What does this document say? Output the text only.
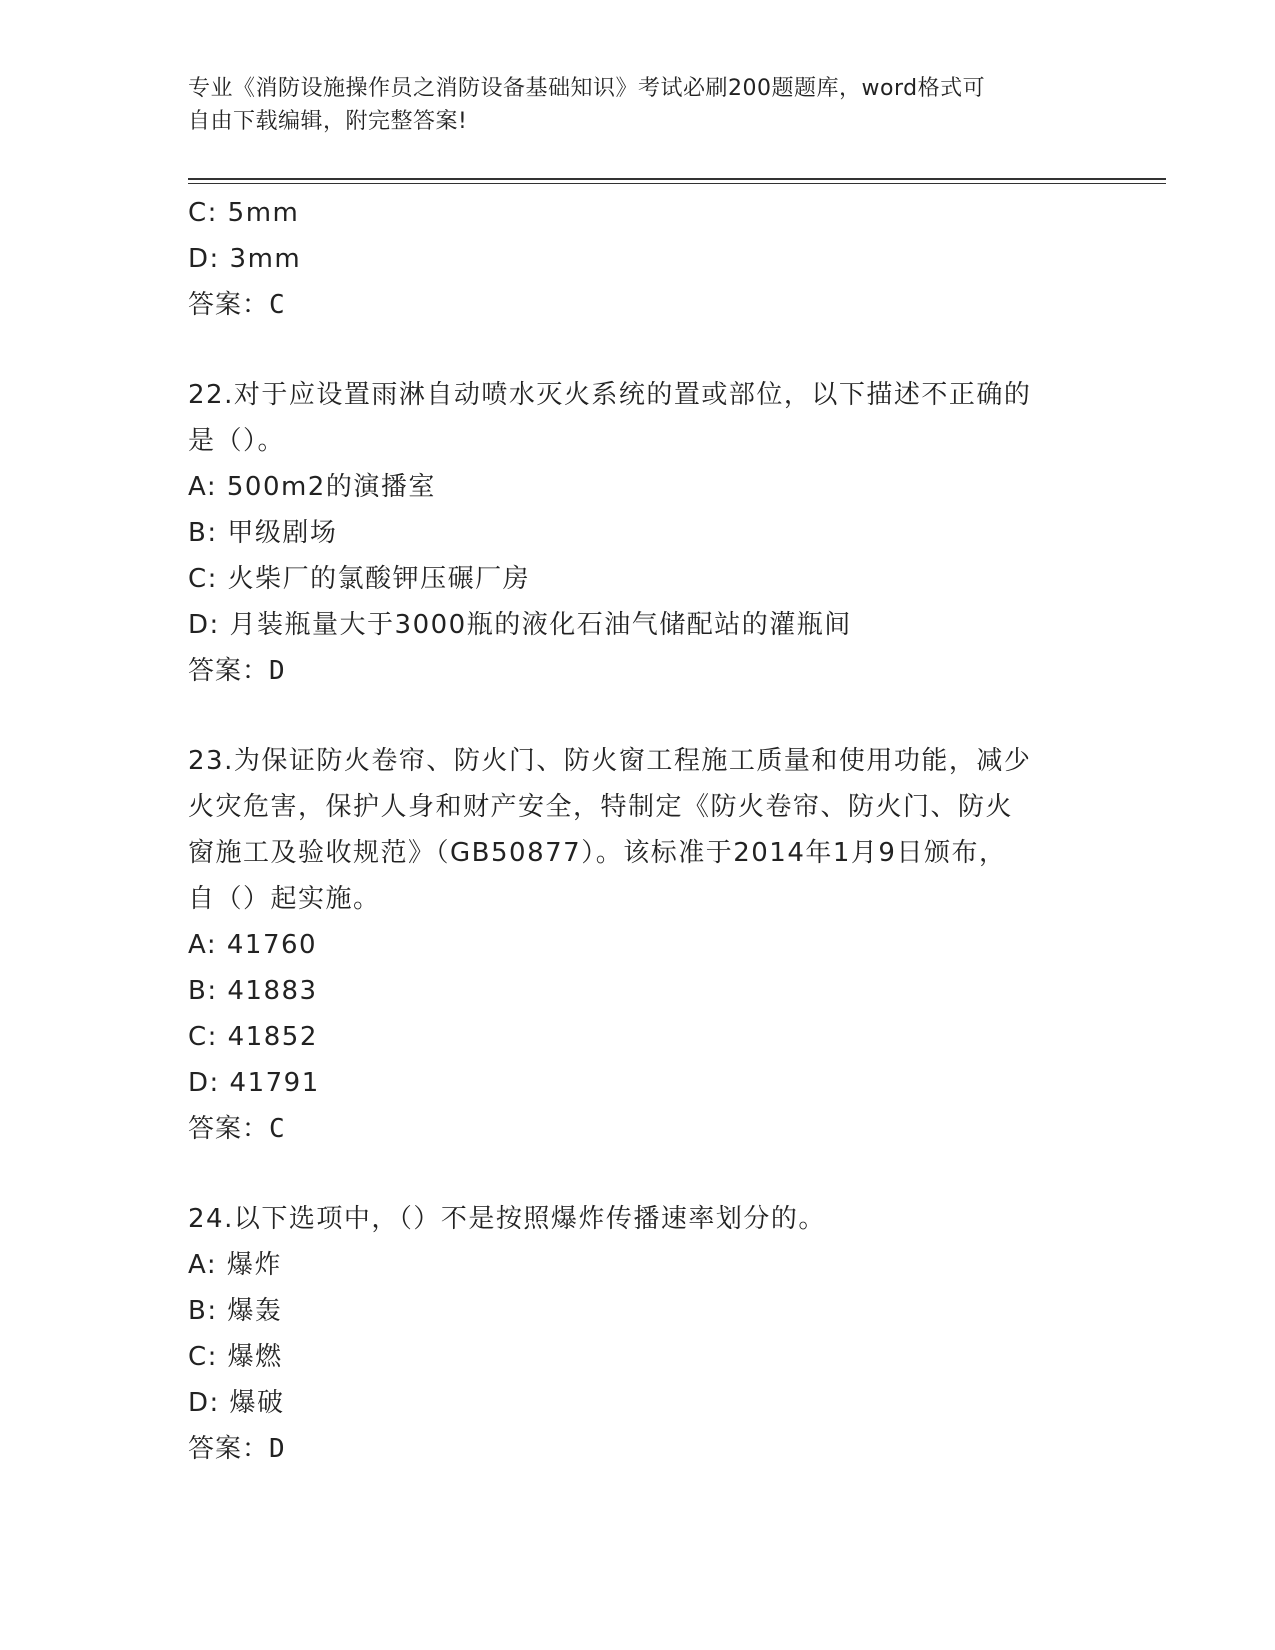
专业《消防设施操作员之消防设备基础知识》考试必刷200题题库，word格式可
自由下载编辑，附完整答案!
C: 5mm
D: 3mm
答案：C
22.对于应设置雨淋自动喷水灭火系统的置或部位，以下描述不正确的
是（）。
A: 500m2的演播室
B: 甲级剧场
C: 火柴厂的氯酸钾压碾厂房
D: 月装瓶量大于3000瓶的液化石油气储配站的灌瓶间
答案：D
23.为保证防火卷帘、防火门、防火窗工程施工质量和使用功能，减少
火灾危害，保护人身和财产安全，特制定《防火卷帘、防火门、防火
窗施工及验收规范》（GB50877）。该标准于2014年1月9日颁布，
自（）起实施。
A: 41760
B: 41883
C: 41852
D: 41791
答案：C
24.以下选项中，（）不是按照爆炸传播速率划分的。
A: 爆炸
B: 爆轰
C: 爆燃
D: 爆破
答案：D
